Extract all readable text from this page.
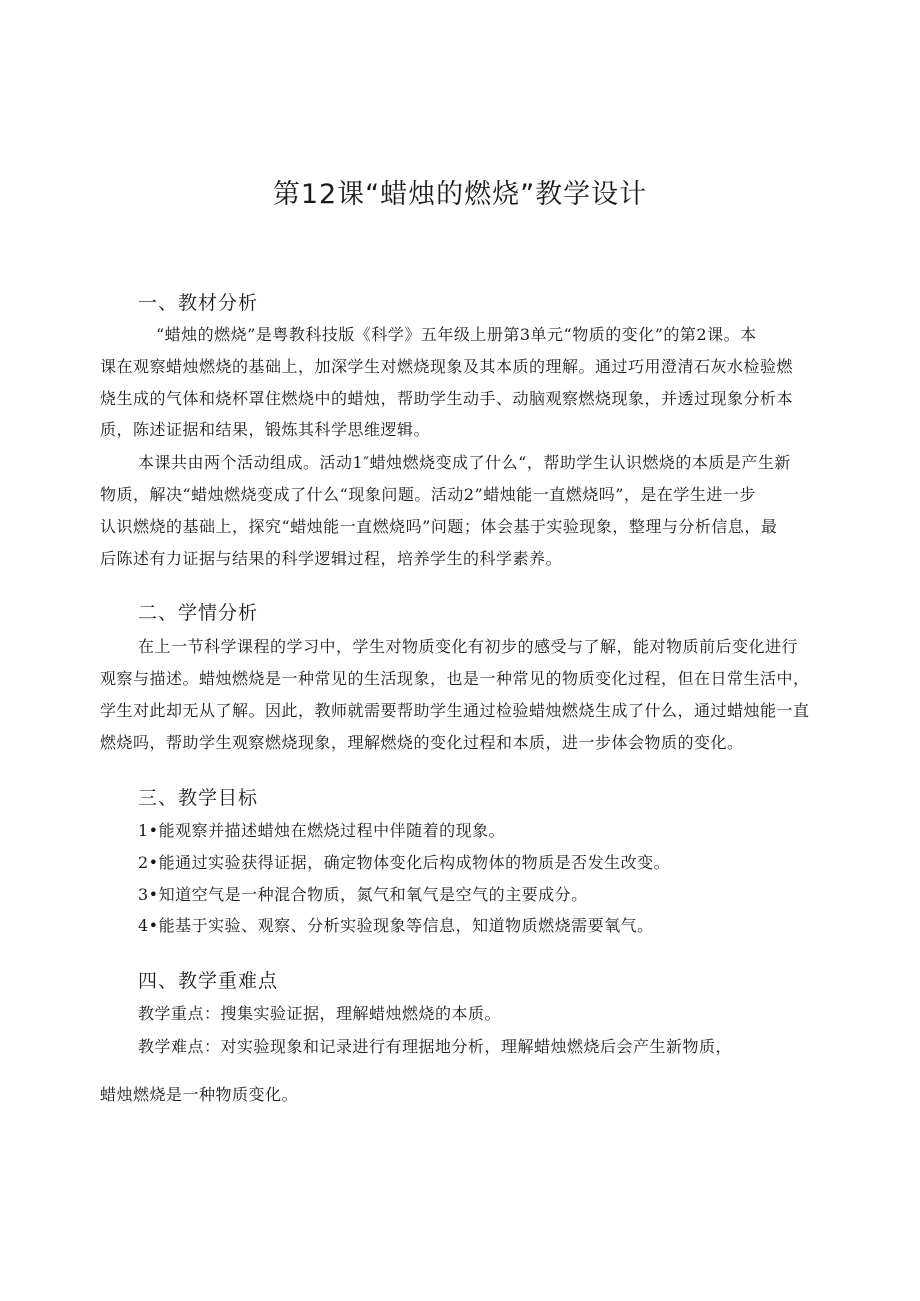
第12课“蜡烛的燃烧”教学设计
一、教材分析

“蜡烛的燃烧”是粤教科技版《科学》五年级上册第3单元“物质的变化”的第2课。本

课在观察蜡烛燃烧的基础上，加深学生对燃烧现象及其本质的理解。通过巧用澄清石灰水检验燃

烧生成的气体和烧杯罩住燃烧中的蜡烛，帮助学生动手、动脑观察燃烧现象，并透过现象分析本

质，陈述证据和结果，锻炼其科学思维逻辑。

本课共由两个活动组成。活动1″蜡烛燃烧变成了什么“，帮助学生认识燃烧的本质是产生新

物质，解决“蜡烛燃烧变成了什么“现象问题。活动2”蜡烛能一直燃烧吗”，是在学生进一步

认识燃烧的基础上，探究“蜡烛能一直燃烧吗”问题；体会基于实验现象，整理与分析信息，最

后陈述有力证据与结果的科学逻辑过程，培养学生的科学素养。

二、学情分析

在上一节科学课程的学习中，学生对物质变化有初步的感受与了解，能对物质前后变化进行

观察与描述。蜡烛燃烧是一种常见的生活现象，也是一种常见的物质变化过程，但在日常生活中，

学生对此却无从了解。因此，教师就需要帮助学生通过检验蜡烛燃烧生成了什么，通过蜡烛能一直

燃烧吗，帮助学生观察燃烧现象，理解燃烧的变化过程和本质，进一步体会物质的变化。

三、教学目标

1•能观察并描述蜡烛在燃烧过程中伴随着的现象。

2•能通过实验获得证据，确定物体变化后构成物体的物质是否发生改变。

3•知道空气是一种混合物质，氮气和氧气是空气的主要成分。

4•能基于实验、观察、分析实验现象等信息，知道物质燃烧需要氧气。

四、教学重难点

教学重点：搜集实验证据，理解蜡烛燃烧的本质。

教学难点：对实验现象和记录进行有理据地分析，理解蜡烛燃烧后会产生新物质，

蜡烛燃烧是一种物质变化。
